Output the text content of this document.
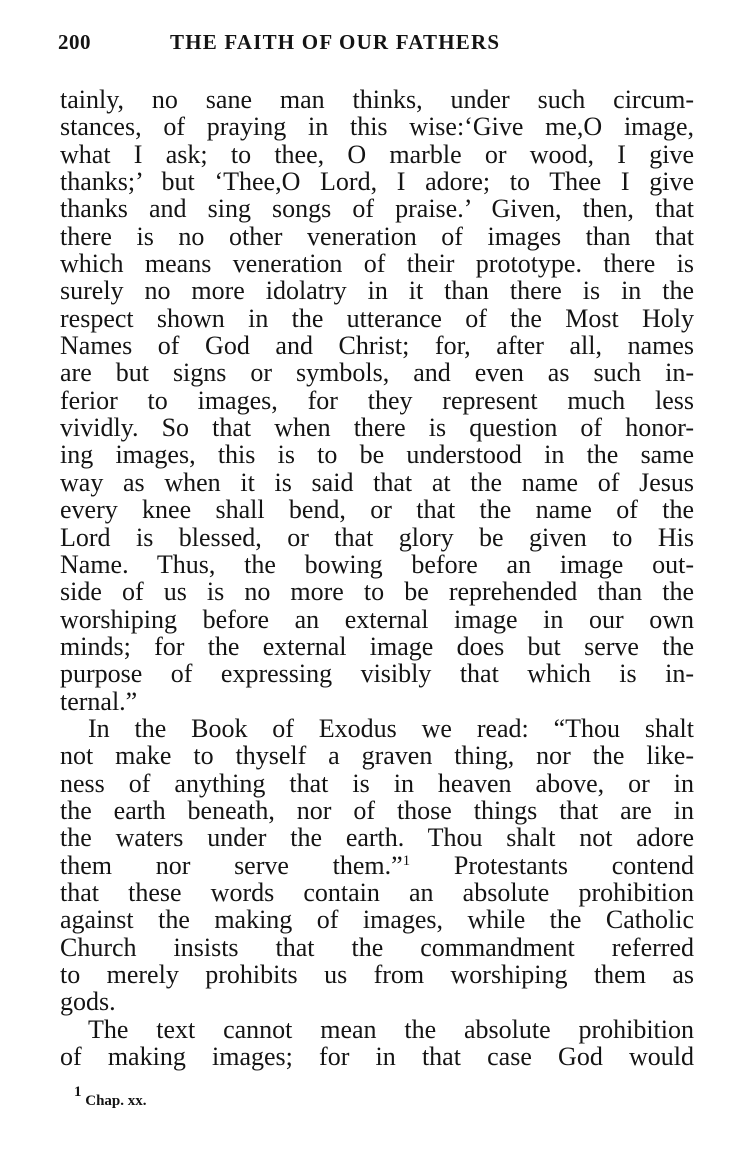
200	THE FAITH OF OUR FATHERS
tainly, no sane man thinks, under such circum-
stances, of praying in this wise:‘Give me,O image,
what I ask; to thee, O marble or wood, I give
thanks;’ but ‘Thee,O Lord, I adore; to Thee I give
thanks and sing songs of praise.’ Given, then, that
there is no other veneration of images than that
which means veneration of their prototype. there is
surely no more idolatry in it than there is in the
respect shown in the utterance of the Most Holy
Names of God and Christ; for, after all, names
are but signs or symbols, and even as such in-
ferior to images, for they represent much less
vividly. So that when there is question of honor-
ing images, this is to be understood in the same
way as when it is said that at the name of Jesus
every knee shall bend, or that the name of the
Lord is blessed, or that glory be given to His
Name. Thus, the bowing before an image out-
side of us is no more to be reprehended than the
worshiping before an external image in our own
minds; for the external image does but serve the
purpose of expressing visibly that which is in-
ternal.”
In the Book of Exodus we read: “Thou shalt
not make to thyself a graven thing, nor the like-
ness of anything that is in heaven above, or in
the earth beneath, nor of those things that are in
the waters under the earth. Thou shalt not adore
them nor serve them.”$^1$ Protestants contend
that these words contain an absolute prohibition
against the making of images, while the Catholic
Church insists that the commandment referred
to merely prohibits us from worshiping them as
gods.
The text cannot mean the absolute prohibition
of making images; for in that case God would
1 Chap. xx.
